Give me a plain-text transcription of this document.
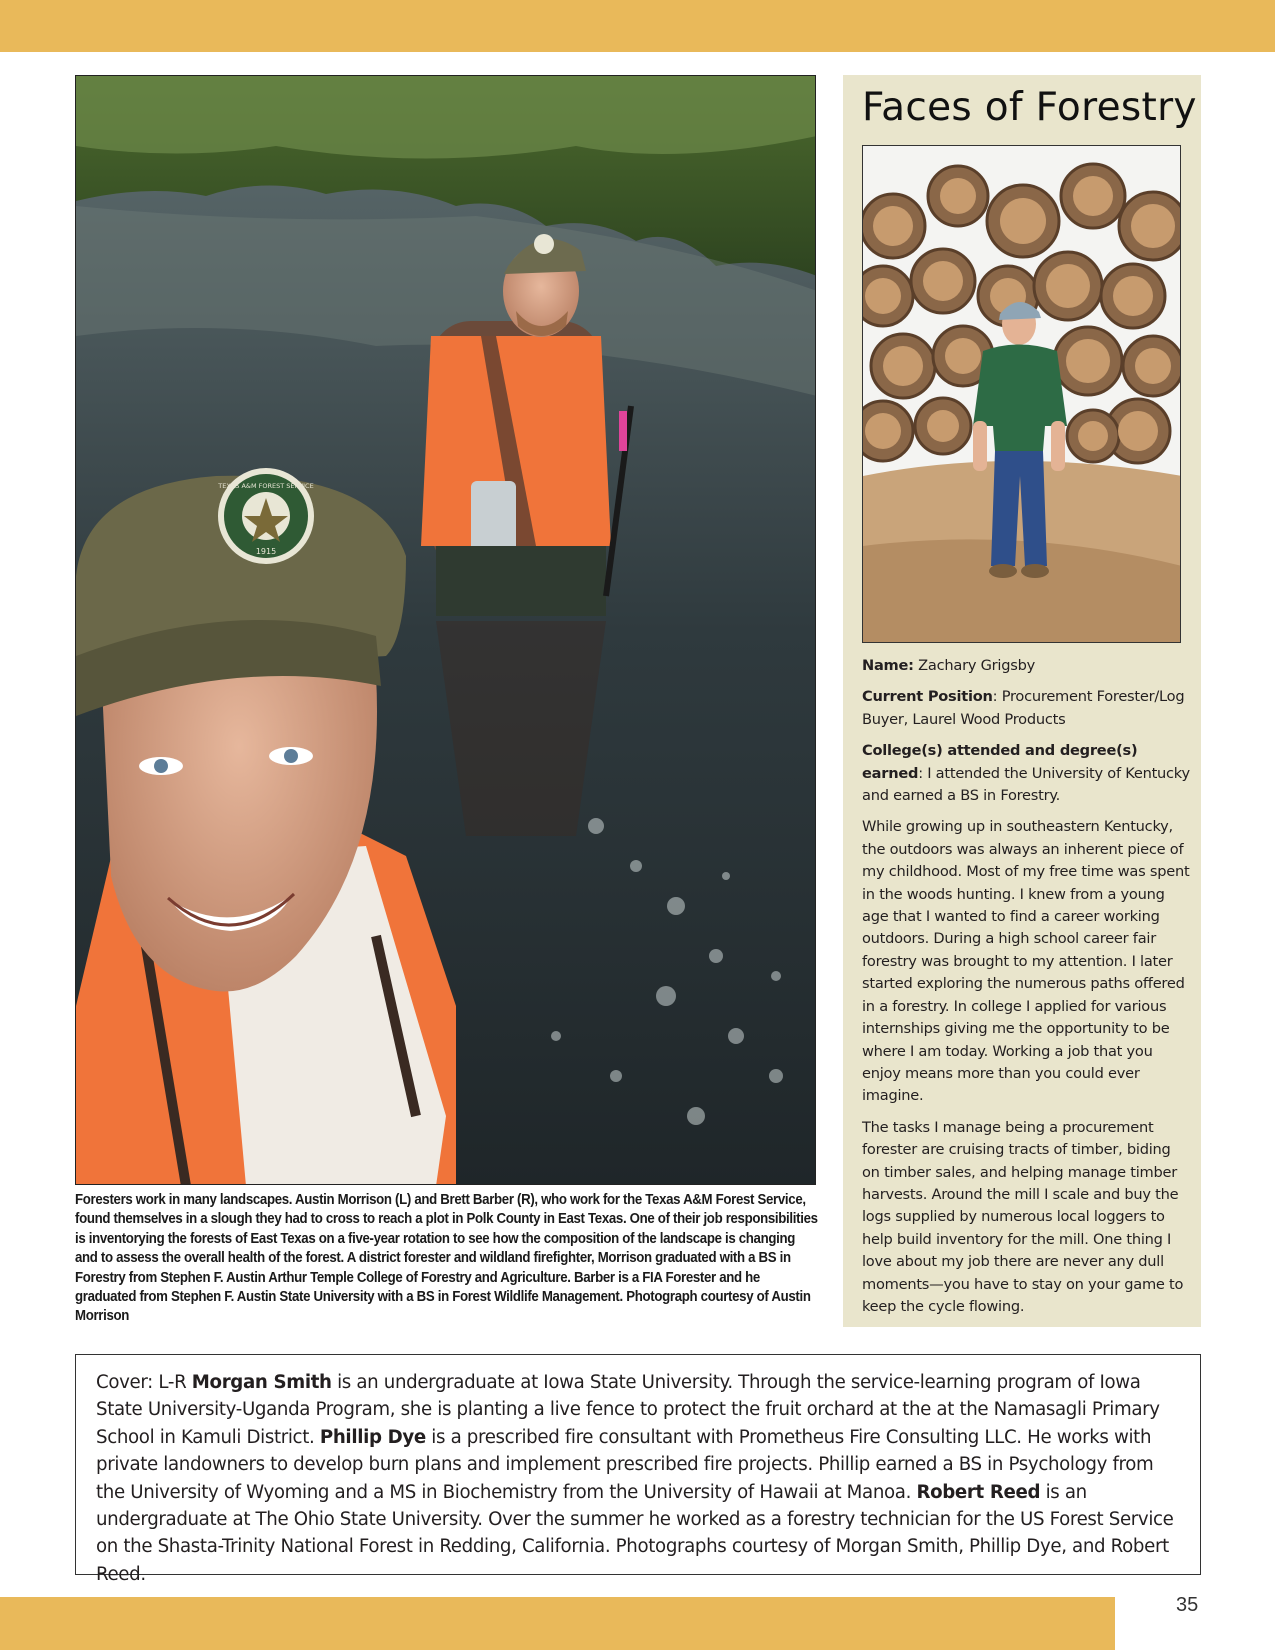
TEXAS A&M FOREST SERVICE
1915
Foresters work in many landscapes. Austin Morrison (L) and Brett Barber (R), who work for the Texas A&M Forest Service, found themselves in a slough they had to cross to reach a plot in Polk County in East Texas. One of their job responsibilities is inventorying the forests of East Texas on a five-year rotation to see how the composition of the landscape is changing and to assess the overall health of the forest. A district forester and wildland firefighter, Morrison graduated with a BS in Forestry from Stephen F. Austin Arthur Temple College of Forestry and Agriculture. Barber is a FIA Forester and he graduated from Stephen F. Austin State University with a BS in Forest Wildlife Management. Photograph courtesy of Austin Morrison
Faces of Forestry

Name: Zachary Grigsby

Current Position: Procurement Forester/Log Buyer, Laurel Wood Products

College(s) attended and degree(s) earned: I attended the University of Kentucky and earned a BS in Forestry.

While growing up in southeastern Kentucky, the outdoors was always an inherent piece of my childhood. Most of my free time was spent in the woods hunting. I knew from a young age that I wanted to find a career working outdoors. During a high school career fair forestry was brought to my attention. I later started exploring the numerous paths offered in a forestry. In college I applied for various internships giving me the opportunity to be where I am today. Working a job that you enjoy means more than you could ever imagine.

The tasks I manage being a procurement forester are cruising tracts of timber, biding on timber sales, and helping manage timber harvests. Around the mill I scale and buy the logs supplied by numerous local loggers to help build inventory for the mill. One thing I love about my job there are never any dull moments—you have to stay on your game to keep the cycle flowing.

Cover: L-R Morgan Smith is an undergraduate at Iowa State University. Through the service-learning program of Iowa State University-Uganda Program, she is planting a live fence to protect the fruit orchard at the at the Namasagli Primary School in Kamuli District. Phillip Dye is a prescribed fire consultant with Prometheus Fire Consulting LLC. He works with private landowners to develop burn plans and implement prescribed fire projects. Phillip earned a BS in Psychology from the University of Wyoming and a MS in Biochemistry from the University of Hawaii at Manoa. Robert Reed is an undergraduate at The Ohio State University. Over the summer he worked as a forestry technician for the US Forest Service on the Shasta-Trinity National Forest in Redding, California. Photographs courtesy of Morgan Smith, Phillip Dye, and Robert Reed.
35
